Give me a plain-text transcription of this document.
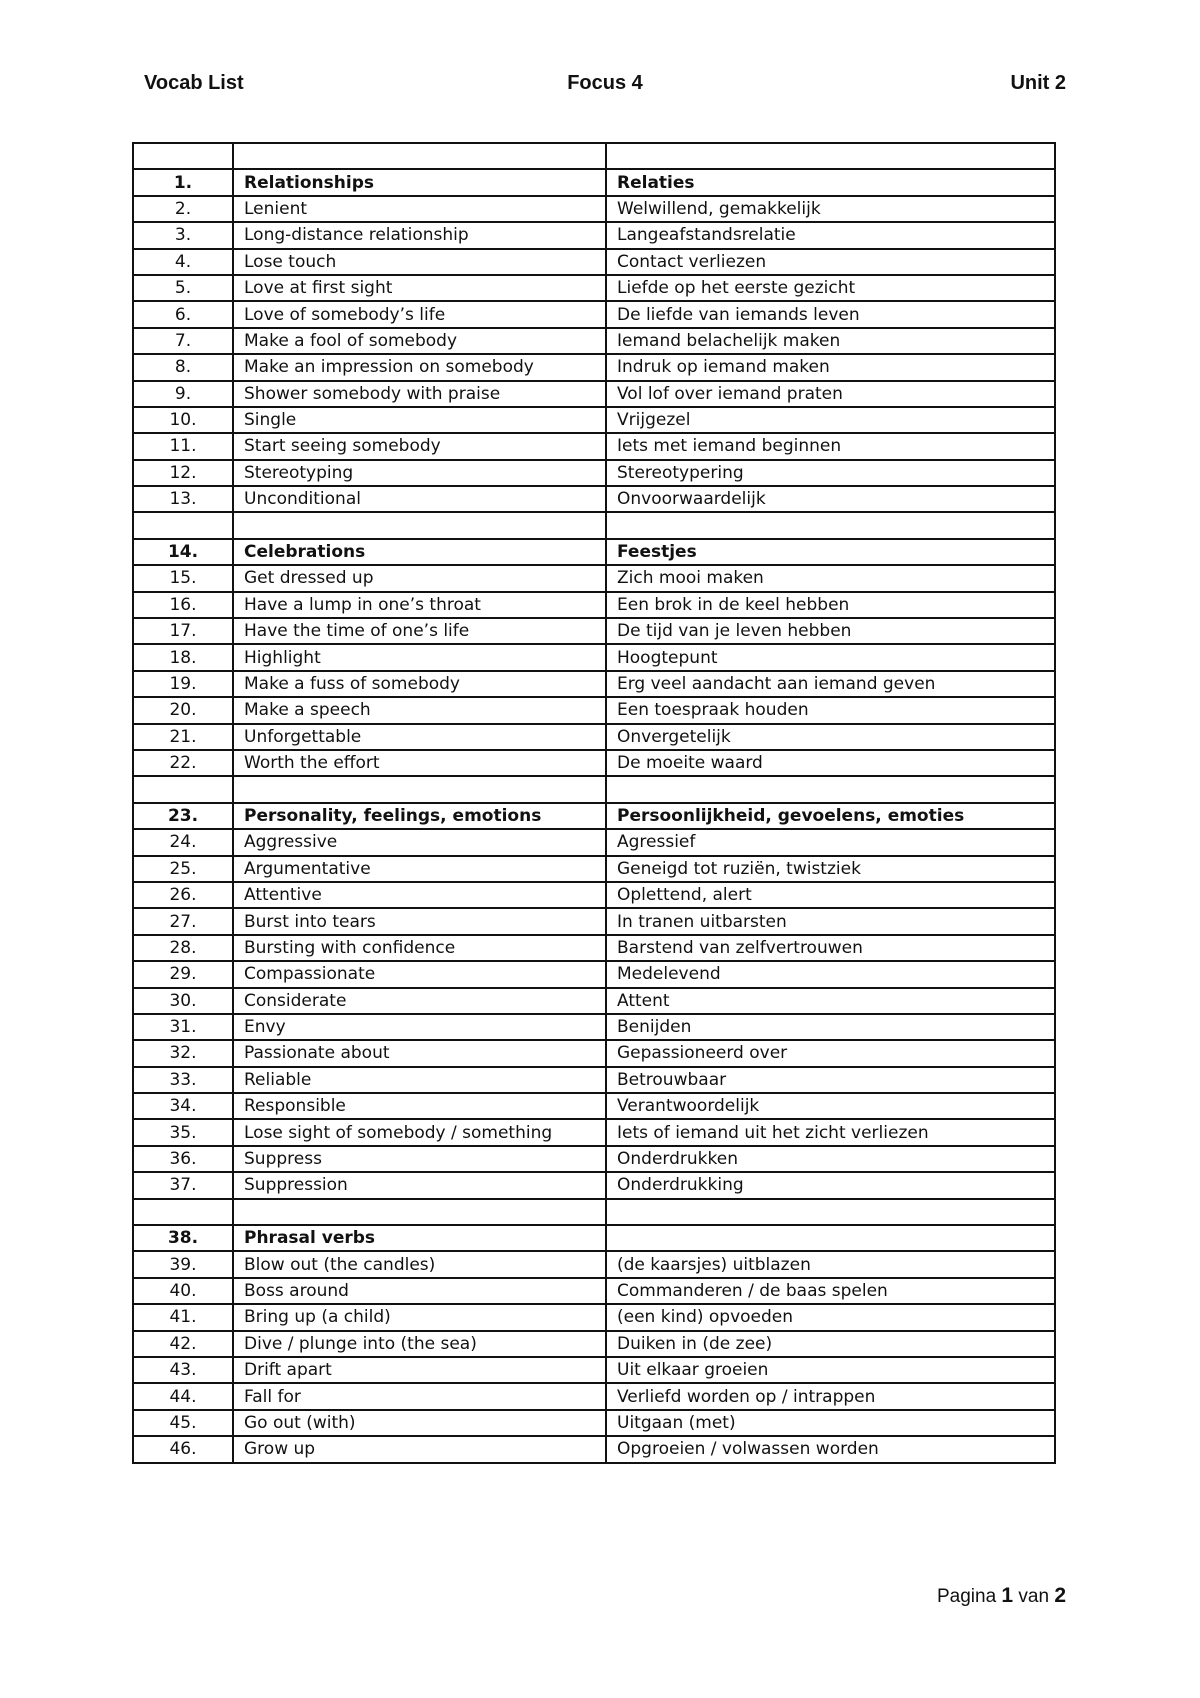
Vocab List	Focus 4	Unit 2

1.	Relationships	Relaties
2.	Lenient	Welwillend, gemakkelijk
3.	Long-distance relationship	Langeafstandsrelatie
4.	Lose touch	Contact verliezen
5.	Love at first sight	Liefde op het eerste gezicht
6.	Love of somebody’s life	De liefde van iemands leven
7.	Make a fool of somebody	Iemand belachelijk maken
8.	Make an impression on somebody	Indruk op iemand maken
9.	Shower somebody with praise	Vol lof over iemand praten
10.	Single	Vrijgezel
11.	Start seeing somebody	Iets met iemand beginnen
12.	Stereotyping	Stereotypering
13.	Unconditional	Onvoorwaardelijk

14.	Celebrations	Feestjes
15.	Get dressed up	Zich mooi maken
16.	Have a lump in one’s throat	Een brok in de keel hebben
17.	Have the time of one’s life	De tijd van je leven hebben
18.	Highlight	Hoogtepunt
19.	Make a fuss of somebody	Erg veel aandacht aan iemand geven
20.	Make a speech	Een toespraak houden
21.	Unforgettable	Onvergetelijk
22.	Worth the effort	De moeite waard

23.	Personality, feelings, emotions	Persoonlijkheid, gevoelens, emoties
24.	Aggressive	Agressief
25.	Argumentative	Geneigd tot ruziën, twistziek
26.	Attentive	Oplettend, alert
27.	Burst into tears	In tranen uitbarsten
28.	Bursting with confidence	Barstend van zelfvertrouwen
29.	Compassionate	Medelevend
30.	Considerate	Attent
31.	Envy	Benijden
32.	Passionate about	Gepassioneerd over
33.	Reliable	Betrouwbaar
34.	Responsible	Verantwoordelijk
35.	Lose sight of somebody / something	Iets of iemand uit het zicht verliezen
36.	Suppress	Onderdrukken
37.	Suppression	Onderdrukking

38.	Phrasal verbs	
39.	Blow out (the candles)	(de kaarsjes) uitblazen
40.	Boss around	Commanderen / de baas spelen
41.	Bring up (a child)	(een kind) opvoeden
42.	Dive / plunge into (the sea)	Duiken in (de zee)
43.	Drift apart	Uit elkaar groeien
44.	Fall for	Verliefd worden op / intrappen
45.	Go out (with)	Uitgaan (met)
46.	Grow up	Opgroeien / volwassen worden
Pagina 1 van 2
